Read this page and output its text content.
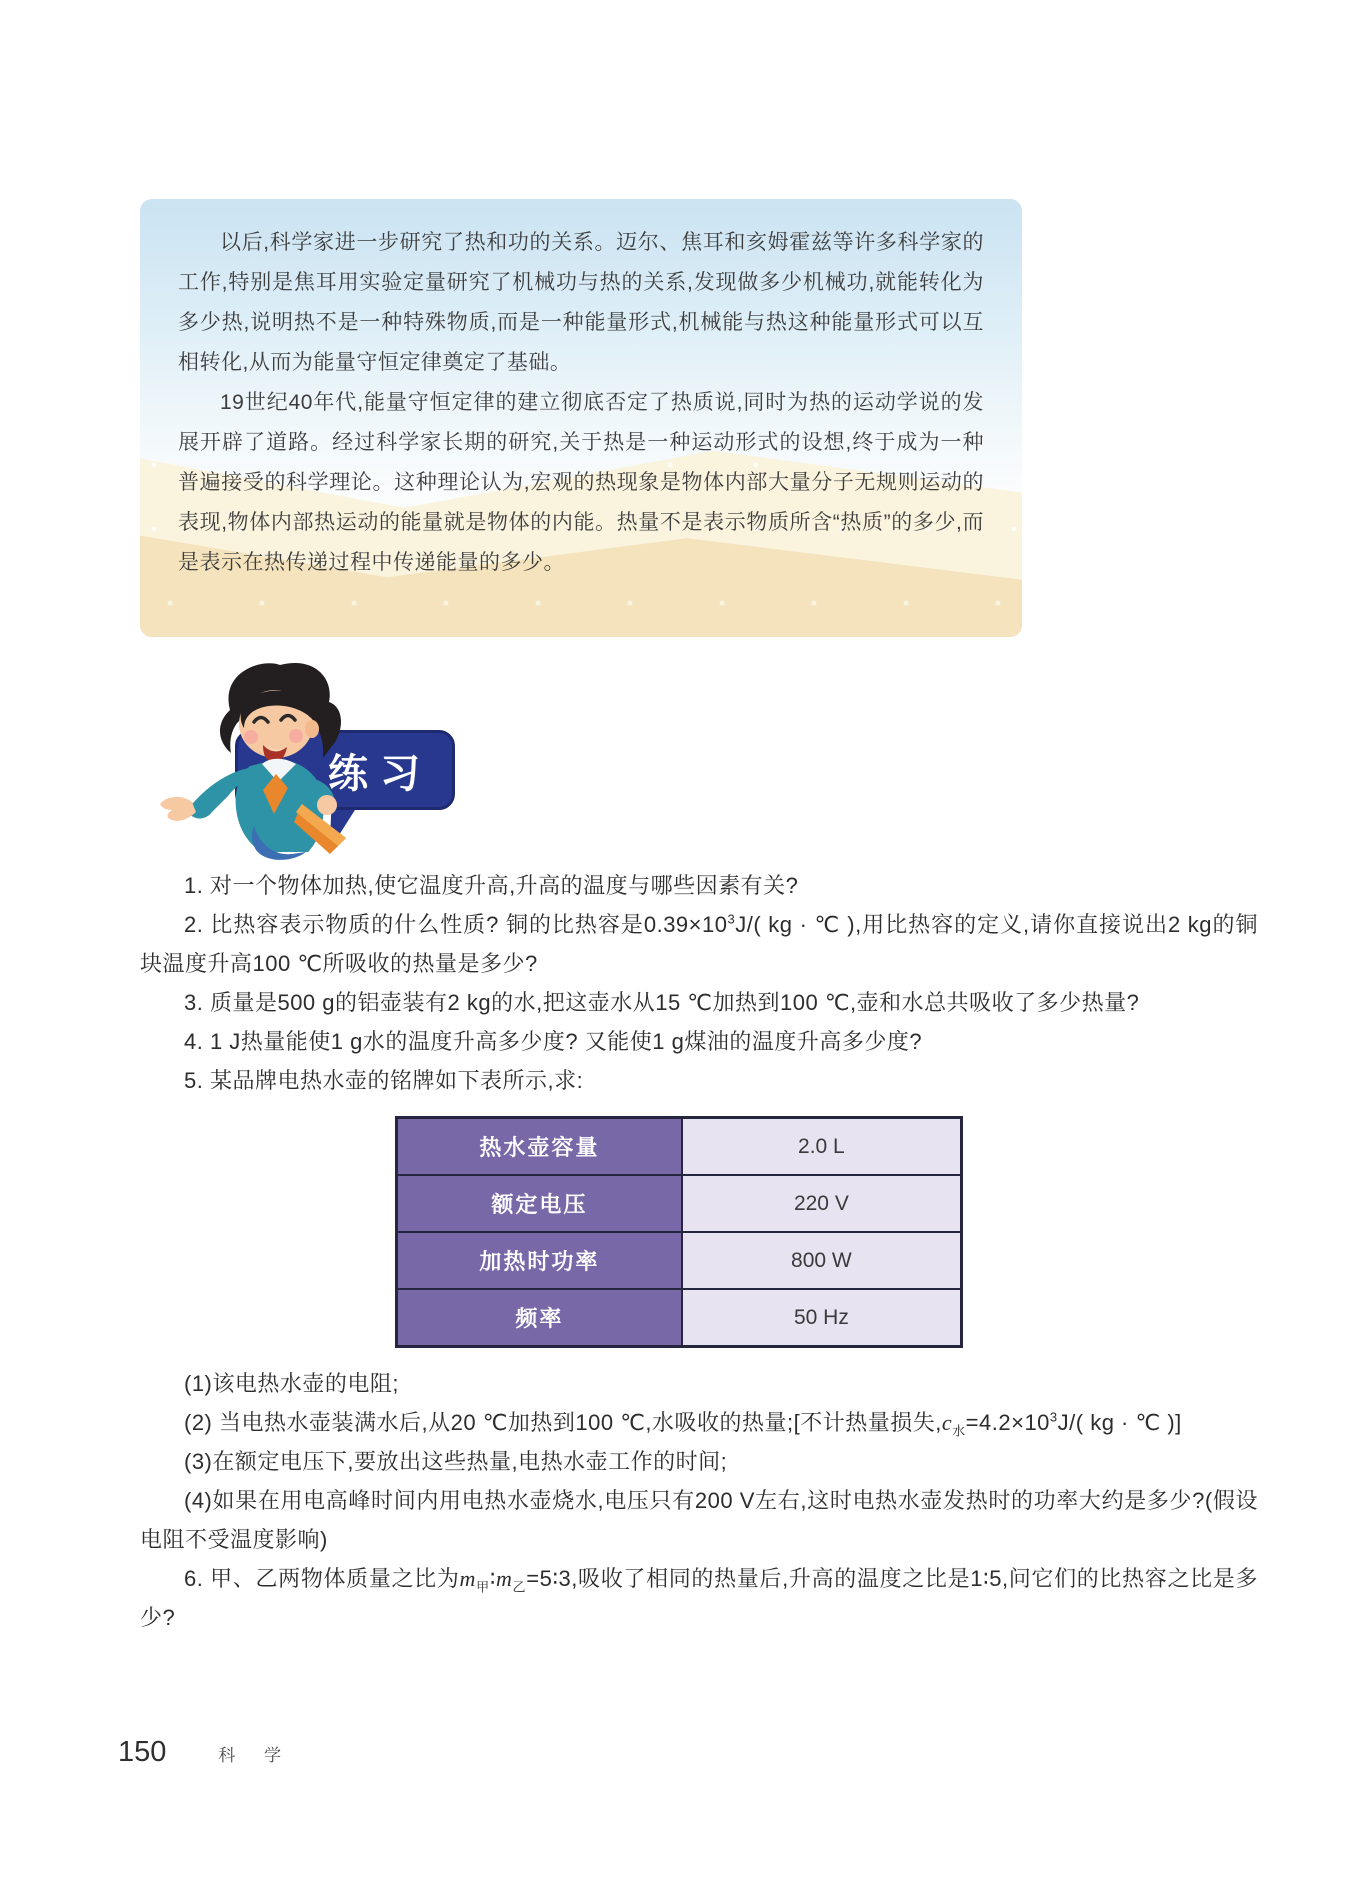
以后,科学家进一步研究了热和功的关系。迈尔、焦耳和亥姆霍兹等许多科学家的工作,特别是焦耳用实验定量研究了机械功与热的关系,发现做多少机械功,就能转化为多少热,说明热不是一种特殊物质,而是一种能量形式,机械能与热这种能量形式可以互相转化,从而为能量守恒定律奠定了基础。

19世纪40年代,能量守恒定律的建立彻底否定了热质说,同时为热的运动学说的发展开辟了道路。经过科学家长期的研究,关于热是一种运动形式的设想,终于成为一种普遍接受的科学理论。这种理论认为,宏观的热现象是物体内部大量分子无规则运动的表现,物体内部热运动的能量就是物体的内能。热量不是表示物质所含“热质”的多少,而是表示在热传递过程中传递能量的多少。

练习

1. 对一个物体加热,使它温度升高,升高的温度与哪些因素有关?

2. 比热容表示物质的什么性质? 铜的比热容是$0.39\times 10^3J/$( kg · ℃ ),用比热容的定义,请你直接说出2 kg的铜块温度升高100 ℃所吸收的热量是多少?

3. 质量是500 g的铝壶装有2 kg的水,把这壶水从15 ℃加热到100 ℃,壶和水总共吸收了多少热量?

4. 1 J热量能使1 g水的温度升高多少度? 又能使1 g煤油的温度升高多少度?

5. 某品牌电热水壶的铭牌如下表所示,求:

热水壶容量	2.0 L
额定电压	220 V
加热时功率	800 W
频率	50 Hz

(1)该电热水壶的电阻;

(2) 当电热水壶装满水后,从20 ℃加热到100 ℃,水吸收的热量;[不计热量损失$,c_水=4.2\times 10^3J/$( kg · ℃ )]

(3)在额定电压下,要放出这些热量,电热水壶工作的时间;

(4)如果在用电高峰时间内用电热水壶烧水,电压只有200 V左右,这时电热水壶发热时的功率大约是多少?(假设电阻不受温度影响)

6. 甲、乙两物体质量之比为$m_甲∶m_乙=5∶3$,吸收了相同的热量后,升高的温度之比是1∶5,问它们的比热容之比是多少?

150	科 学
